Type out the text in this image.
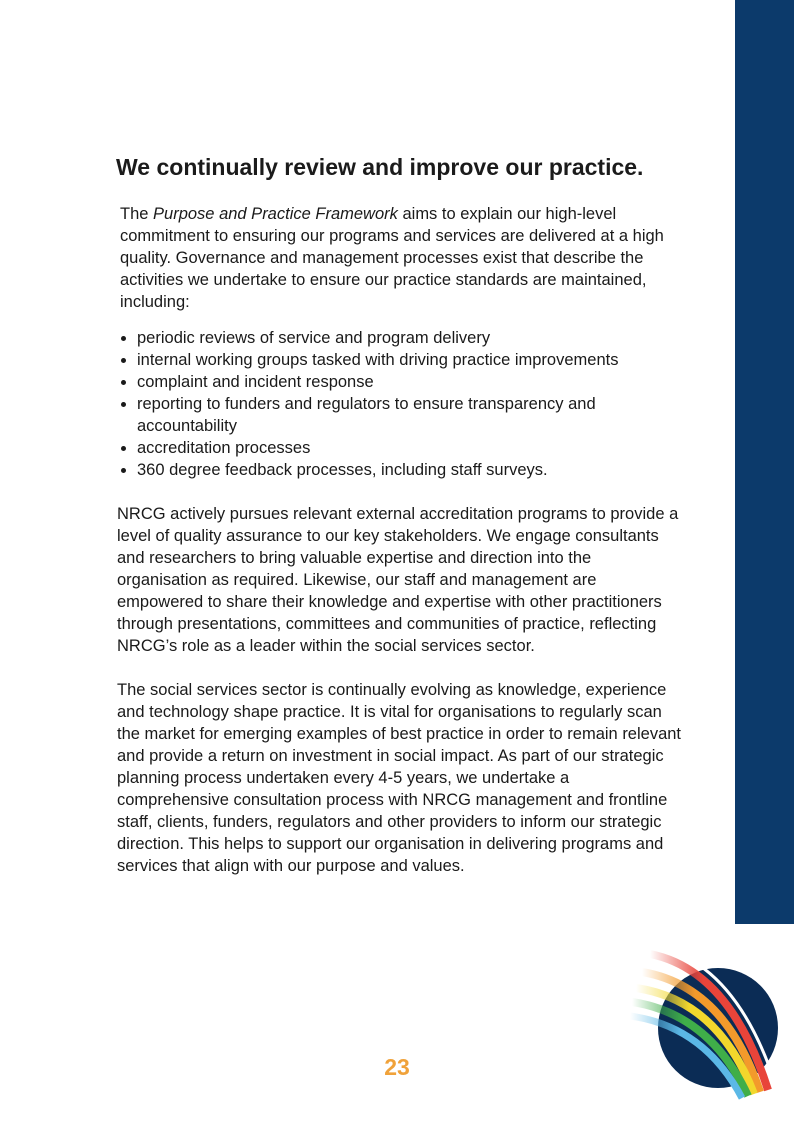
We continually review and improve our practice.

The Purpose and Practice Framework aims to explain our high-level commitment to ensuring our programs and services are delivered at a high quality. Governance and management processes exist that describe the activities we undertake to ensure our practice standards are maintained, including:

periodic reviews of service and program delivery
internal working groups tasked with driving practice improvements
complaint and incident response
reporting to funders and regulators to ensure transparency and accountability
accreditation processes
360 degree feedback processes, including staff surveys.

NRCG actively pursues relevant external accreditation programs to provide a level of quality assurance to our key stakeholders. We engage consultants and researchers to bring valuable expertise and direction into the organisation as required. Likewise, our staff and management are empowered to share their knowledge and expertise with other practitioners through presentations, committees and communities of practice, reflecting NRCG’s role as a leader within the social services sector.

The social services sector is continually evolving as knowledge, experience and technology shape practice. It is vital for organisations to regularly scan the market for emerging examples of best practice in order to remain relevant and provide a return on investment in social impact. As part of our strategic planning process undertaken every 4-5 years, we undertake a comprehensive consultation process with NRCG management and frontline staff, clients, funders, regulators and other providers to inform our strategic direction. This helps to support our organisation in delivering programs and services that align with our purpose and values.

23
